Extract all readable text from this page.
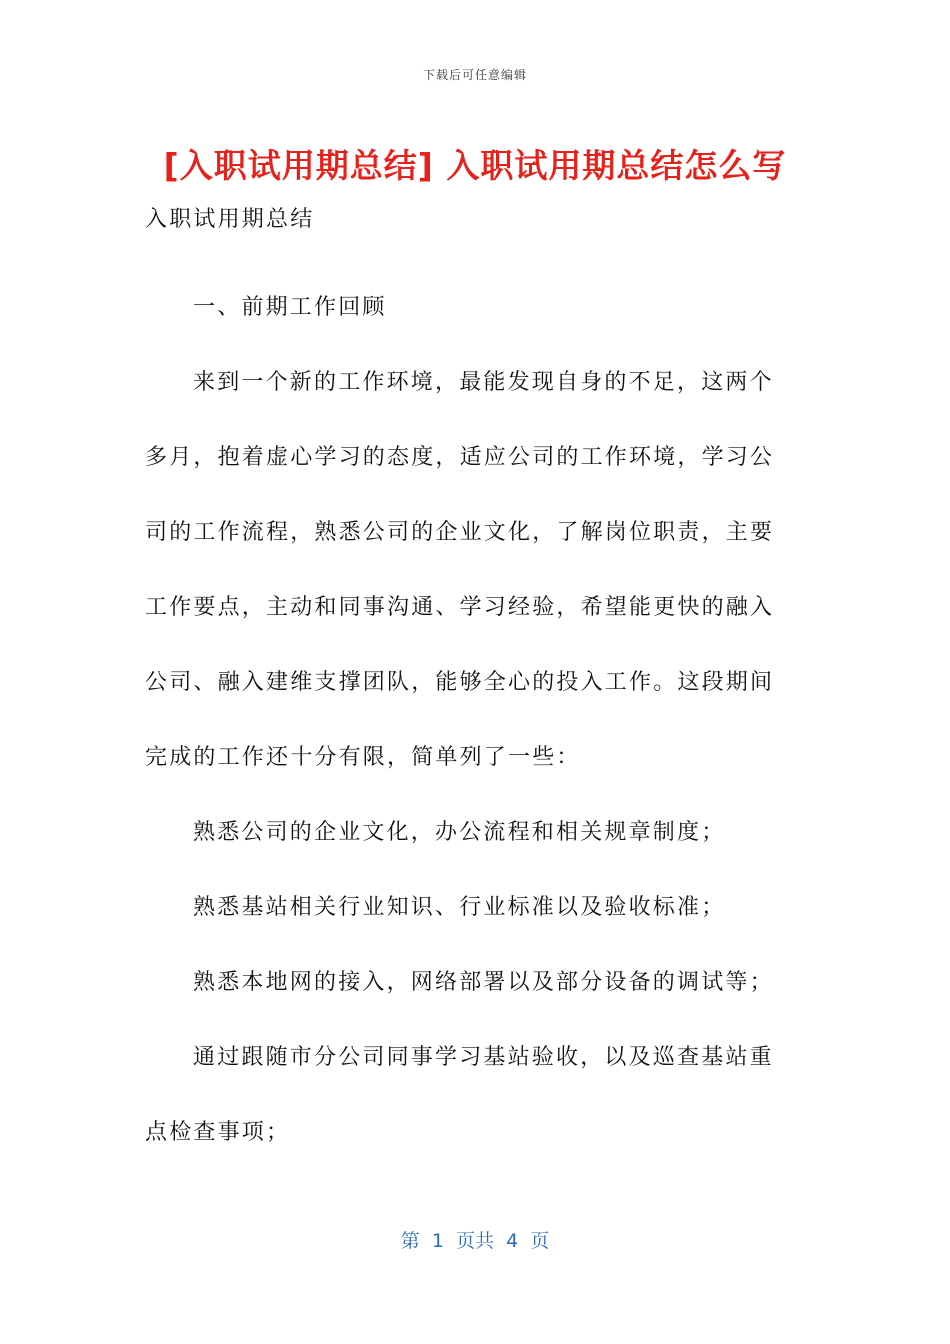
下载后可任意编辑
[入职试用期总结] 入职试用期总结怎么写

入职试用期总结

一、前期工作回顾

来到一个新的工作环境，最能发现自身的不足，这两个多月，抱着虚心学习的态度，适应公司的工作环境，学习公司的工作流程，熟悉公司的企业文化，了解岗位职责，主要工作要点，主动和同事沟通、学习经验，希望能更快的融入公司、融入建维支撑团队，能够全心的投入工作。这段期间完成的工作还十分有限，简单列了一些：

熟悉公司的企业文化，办公流程和相关规章制度；

熟悉基站相关行业知识、行业标准以及验收标准；

熟悉本地网的接入，网络部署以及部分设备的调试等；

通过跟随市分公司同事学习基站验收，以及巡查基站重点检查事项；

第  1  页共  4  页
